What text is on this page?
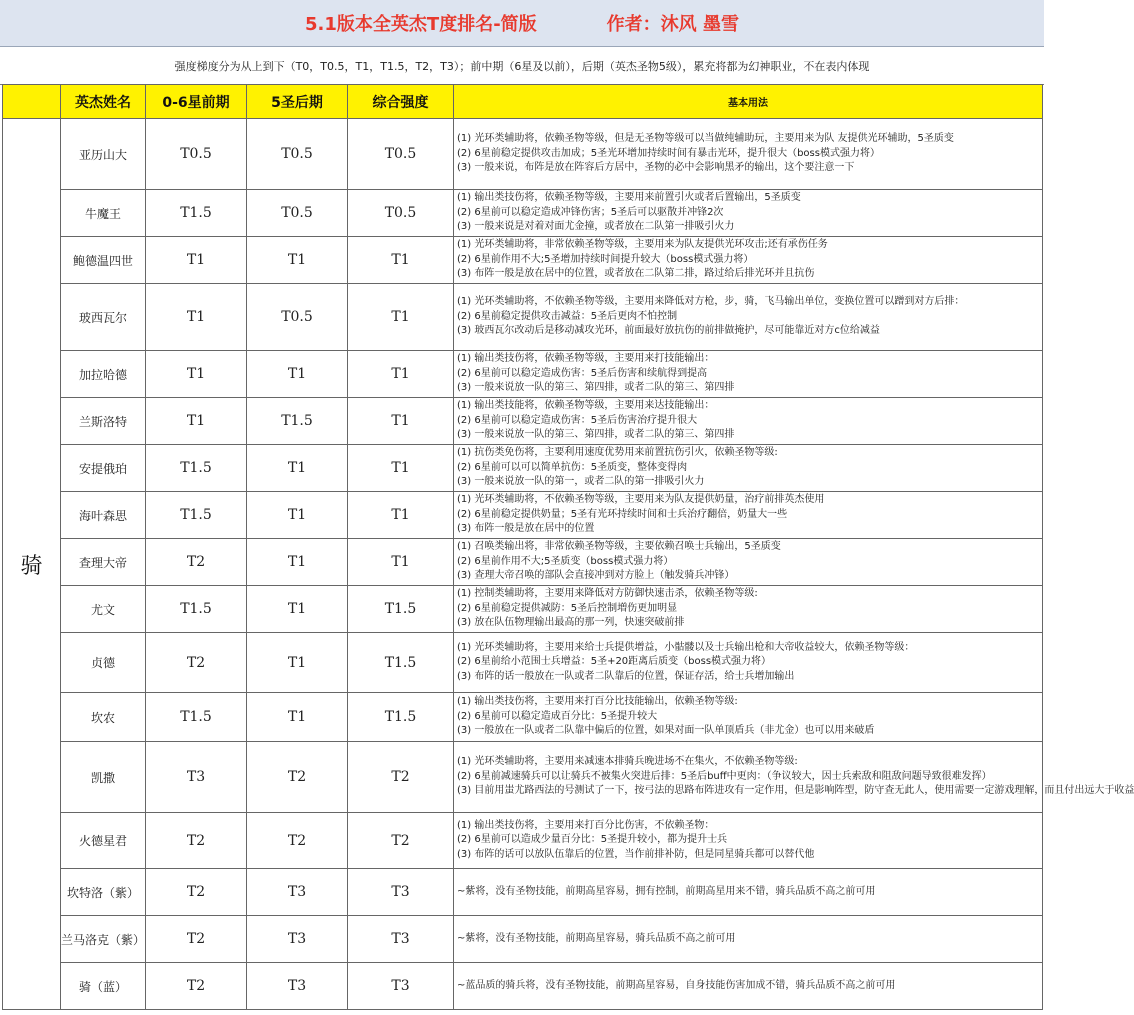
5.1版本全英杰T度排名-简版	作者：沐风 墨雪
强度梯度分为从上到下（T0，T0.5，T1，T1.5，T2，T3）；前中期（6星及以前），后期（英杰圣物5级），累充将都为幻神职业，不在表内体现
	英杰姓名	0-6星前期	5圣后期	综合强度	基本用法
骑	亚历山大	T0.5	T0.5	T0.5	(1) 光环类辅助将，依赖圣物等级，但是无圣物等级可以当做纯辅助玩，主要用来为队 友提供光环辅助，5圣质变
(2) 6星前稳定提供攻击加成；5圣光环增加持续时间有暴击光环，提升很大（boss模式强力将）
(3) 一般来说，布阵是放在阵容后方居中，圣物的必中会影响黑矛的输出，这个要注意一下

	牛魔王	T1.5	T0.5	T0.5	(1) 输出类技伤将，依赖圣物等级，主要用来前置引火或者后置输出，5圣质变
(2) 6星前可以稳定造成冲锋伤害；5圣后可以驱散并冲锋2次
(3) 一般来说是对着对面尤金撞，或者放在二队第一排吸引火力

	鲍德温四世	T1	T1	T1	(1) 光环类辅助将，非常依赖圣物等级，主要用来为队友提供光环攻击;还有承伤任务
(2) 6星前作用不大;5圣增加持续时间提升较大（boss模式强力将）
(3) 布阵一般是放在居中的位置，或者放在二队第二排，路过给后排光环并且抗伤

	玻西瓦尔	T1	T0.5	T1	(1) 光环类辅助将，不依赖圣物等级，主要用来降低对方枪，步，骑，飞马输出单位，变换位置可以蹭到对方后排：
(2) 6星前稳定提供攻击减益：5圣后更肉不怕控制
(3) 玻西瓦尔改动后是移动减攻光环，前面最好放抗伤的前排做掩护，尽可能靠近对方c位给减益

	加拉哈德	T1	T1	T1	(1) 输出类技伤将，依赖圣物等级，主要用来打技能输出：
(2) 6星前可以稳定造成伤害：5圣后伤害和续航得到提高
(3) 一般来说放一队的第三、第四排，或者二队的第三、第四排

	兰斯洛特	T1	T1.5	T1	(1) 输出类技能将，依赖圣物等级，主要用来达技能输出：
(2) 6星前可以稳定造成伤害：5圣后伤害治疗提升很大
(3) 一般来说放一队的第三、第四排，或者二队的第三、第四排

	安提俄珀	T1.5	T1	T1	(1) 抗伤类免伤将，主要利用速度优势用来前置抗伤引火，依赖圣物等级:
(2) 6星前可以可以简单抗伤：5圣质变，整体变得肉
(3) 一般来说放一队的第一，或者二队的第一排吸引火力

	海叶森思	T1.5	T1	T1	(1) 光环类辅助将，不依赖圣物等级，主要用来为队友提供奶量，治疗前排英杰使用
(2) 6星前稳定提供奶量；5圣有光环持续时间和士兵治疗翻倍，奶量大一些
(3) 布阵一般是放在居中的位置

	查理大帝	T2	T1	T1	(1) 召唤类输出将，非常依赖圣物等级，主要依赖召唤士兵输出，5圣质变
(2) 6星前作用不大;5圣质变（boss模式强力将）
(3) 查理大帝召唤的部队会直接冲到对方脸上（触发骑兵冲锋）

	尤文	T1.5	T1	T1.5	(1) 控制类辅助将，主要用来降低对方防御快速击杀，依赖圣物等级:
(2) 6星前稳定提供减防：5圣后控制増伤更加明显
(3) 放在队伍物理输出最高的那一列，快速突破前排

	贞德	T2	T1	T1.5	(1) 光环类辅助将，主要用来给士兵提供增益，小骷髅以及士兵输出枪和大帝收益较大，依赖圣物等级：
(2) 6星前给小范围士兵增益：5圣+20距离后质变（boss模式强力将）
(3) 布阵的话一般放在一队或者二队靠后的位置，保证存活，给士兵增加输出

	坎农	T1.5	T1	T1.5	(1) 输出类技伤将，主要用来打百分比技能输出，依赖圣物等级:
(2) 6星前可以稳定造成百分比：5圣提升较大
(3) 一般放在一队或者二队靠中偏后的位置，如果对面一队单顶盾兵（非尤金）也可以用来破盾

	凯撒	T3	T2	T2	(1) 光环类辅助将，主要用来减速本排骑兵晚进场不在集火，不依赖圣物等级:
(2) 6星前减速骑兵可以让骑兵不被集火突进后排：5圣后buff中更肉：（争议较大，因士兵索敌和阻敌问题导致很难发挥）
(3) 目前用蚩尤路西法的号测试了一下，按弓法的思路布阵进攻有一定作用，但是影响阵型，防守查无此人，使用需要一定游戏理解，而且付出远大于收益

	火德星君	T2	T2	T2	(1) 输出类技伤将，主要用来打百分比伤害，不依赖圣物：
(2) 6星前可以造成少量百分比：5圣提升较小，都为提升士兵
(3) 布阵的话可以放队伍靠后的位置，当作前排补防，但是同星骑兵都可以替代他

	坎特洛（紫）	T2	T3	T3	~紫将，没有圣物技能，前期高星容易，拥有控制，前期高星用来不错，骑兵品质不高之前可用

	兰马洛克（紫）	T2	T3	T3	~紫将，没有圣物技能，前期高星容易，骑兵品质不高之前可用

	骑（蓝）	T2	T3	T3	~蓝品质的骑兵将，没有圣物技能，前期高星容易，自身技能伤害加成不错，骑兵品质不高之前可用
